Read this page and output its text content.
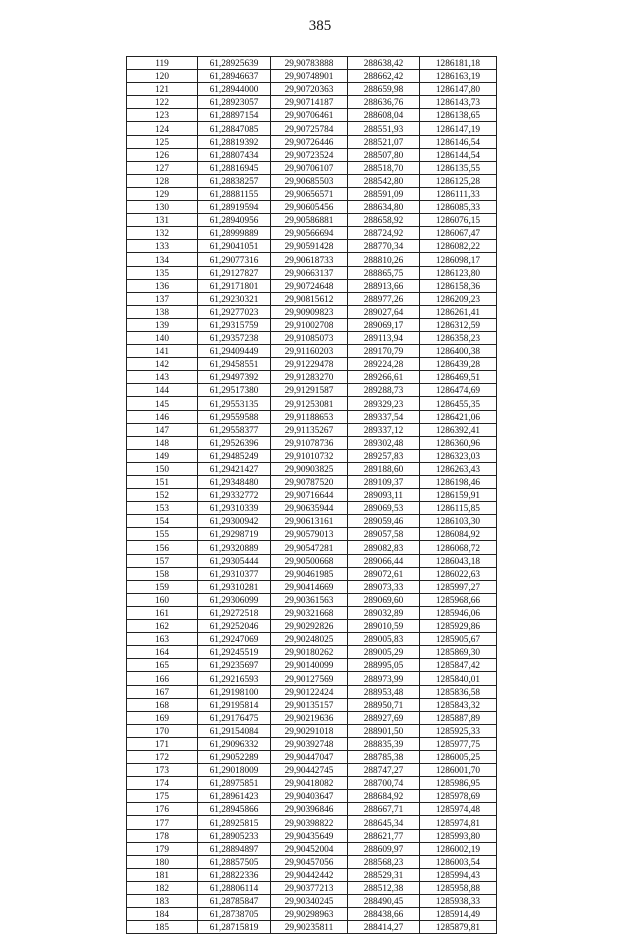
385
119	61,28925639	29,90783888	288638,42	1286181,18
120	61,28946637	29,90748901	288662,42	1286163,19
121	61,28944000	29,90720363	288659,98	1286147,80
122	61,28923057	29,90714187	288636,76	1286143,73
123	61,28897154	29,90706461	288608,04	1286138,65
124	61,28847085	29,90725784	288551,93	1286147,19
125	61,28819392	29,90726446	288521,07	1286146,54
126	61,28807434	29,90723524	288507,80	1286144,54
127	61,28816945	29,90706107	288518,70	1286135,55
128	61,28838257	29,90685503	288542,80	1286125,28
129	61,28881155	29,90656571	288591,09	1286111,33
130	61,28919594	29,90605456	288634,80	1286085,33
131	61,28940956	29,90586881	288658,92	1286076,15
132	61,28999889	29,90566694	288724,92	1286067,47
133	61,29041051	29,90591428	288770,34	1286082,22
134	61,29077316	29,90618733	288810,26	1286098,17
135	61,29127827	29,90663137	288865,75	1286123,80
136	61,29171801	29,90724648	288913,66	1286158,36
137	61,29230321	29,90815612	288977,26	1286209,23
138	61,29277023	29,90909823	289027,64	1286261,41
139	61,29315759	29,91002708	289069,17	1286312,59
140	61,29357238	29,91085073	289113,94	1286358,23
141	61,29409449	29,91160203	289170,79	1286400,38
142	61,29458551	29,91229478	289224,28	1286439,28
143	61,29497392	29,91283270	289266,61	1286469,51
144	61,29517380	29,91291587	289288,73	1286474,69
145	61,29553135	29,91253081	289329,23	1286455,35
146	61,29559588	29,91188653	289337,54	1286421,06
147	61,29558377	29,91135267	289337,12	1286392,41
148	61,29526396	29,91078736	289302,48	1286360,96
149	61,29485249	29,91010732	289257,83	1286323,03
150	61,29421427	29,90903825	289188,60	1286263,43
151	61,29348480	29,90787520	289109,37	1286198,46
152	61,29332772	29,90716644	289093,11	1286159,91
153	61,29310339	29,90635944	289069,53	1286115,85
154	61,29300942	29,90613161	289059,46	1286103,30
155	61,29298719	29,90579013	289057,58	1286084,92
156	61,29320889	29,90547281	289082,83	1286068,72
157	61,29305444	29,90500668	289066,44	1286043,18
158	61,29310377	29,90461985	289072,61	1286022,63
159	61,29310281	29,90414669	289073,33	1285997,27
160	61,29306099	29,90361563	289069,60	1285968,66
161	61,29272518	29,90321668	289032,89	1285946,06
162	61,29252046	29,90292826	289010,59	1285929,86
163	61,29247069	29,90248025	289005,83	1285905,67
164	61,29245519	29,90180262	289005,29	1285869,30
165	61,29235697	29,90140099	288995,05	1285847,42
166	61,29216593	29,90127569	288973,99	1285840,01
167	61,29198100	29,90122424	288953,48	1285836,58
168	61,29195814	29,90135157	288950,71	1285843,32
169	61,29176475	29,90219636	288927,69	1285887,89
170	61,29154084	29,90291018	288901,50	1285925,33
171	61,29096332	29,90392748	288835,39	1285977,75
172	61,29052289	29,90447047	288785,38	1286005,25
173	61,29018009	29,90442745	288747,27	1286001,70
174	61,28975851	29,90418082	288700,74	1285986,95
175	61,28961423	29,90403647	288684,92	1285978,69
176	61,28945866	29,90396846	288667,71	1285974,48
177	61,28925815	29,90398822	288645,34	1285974,81
178	61,28905233	29,90435649	288621,77	1285993,80
179	61,28894897	29,90452004	288609,97	1286002,19
180	61,28857505	29,90457056	288568,23	1286003,54
181	61,28822336	29,90442442	288529,31	1285994,43
182	61,28806114	29,90377213	288512,38	1285958,88
183	61,28785847	29,90340245	288490,45	1285938,33
184	61,28738705	29,90298963	288438,66	1285914,49
185	61,28715819	29,90235811	288414,27	1285879,81
